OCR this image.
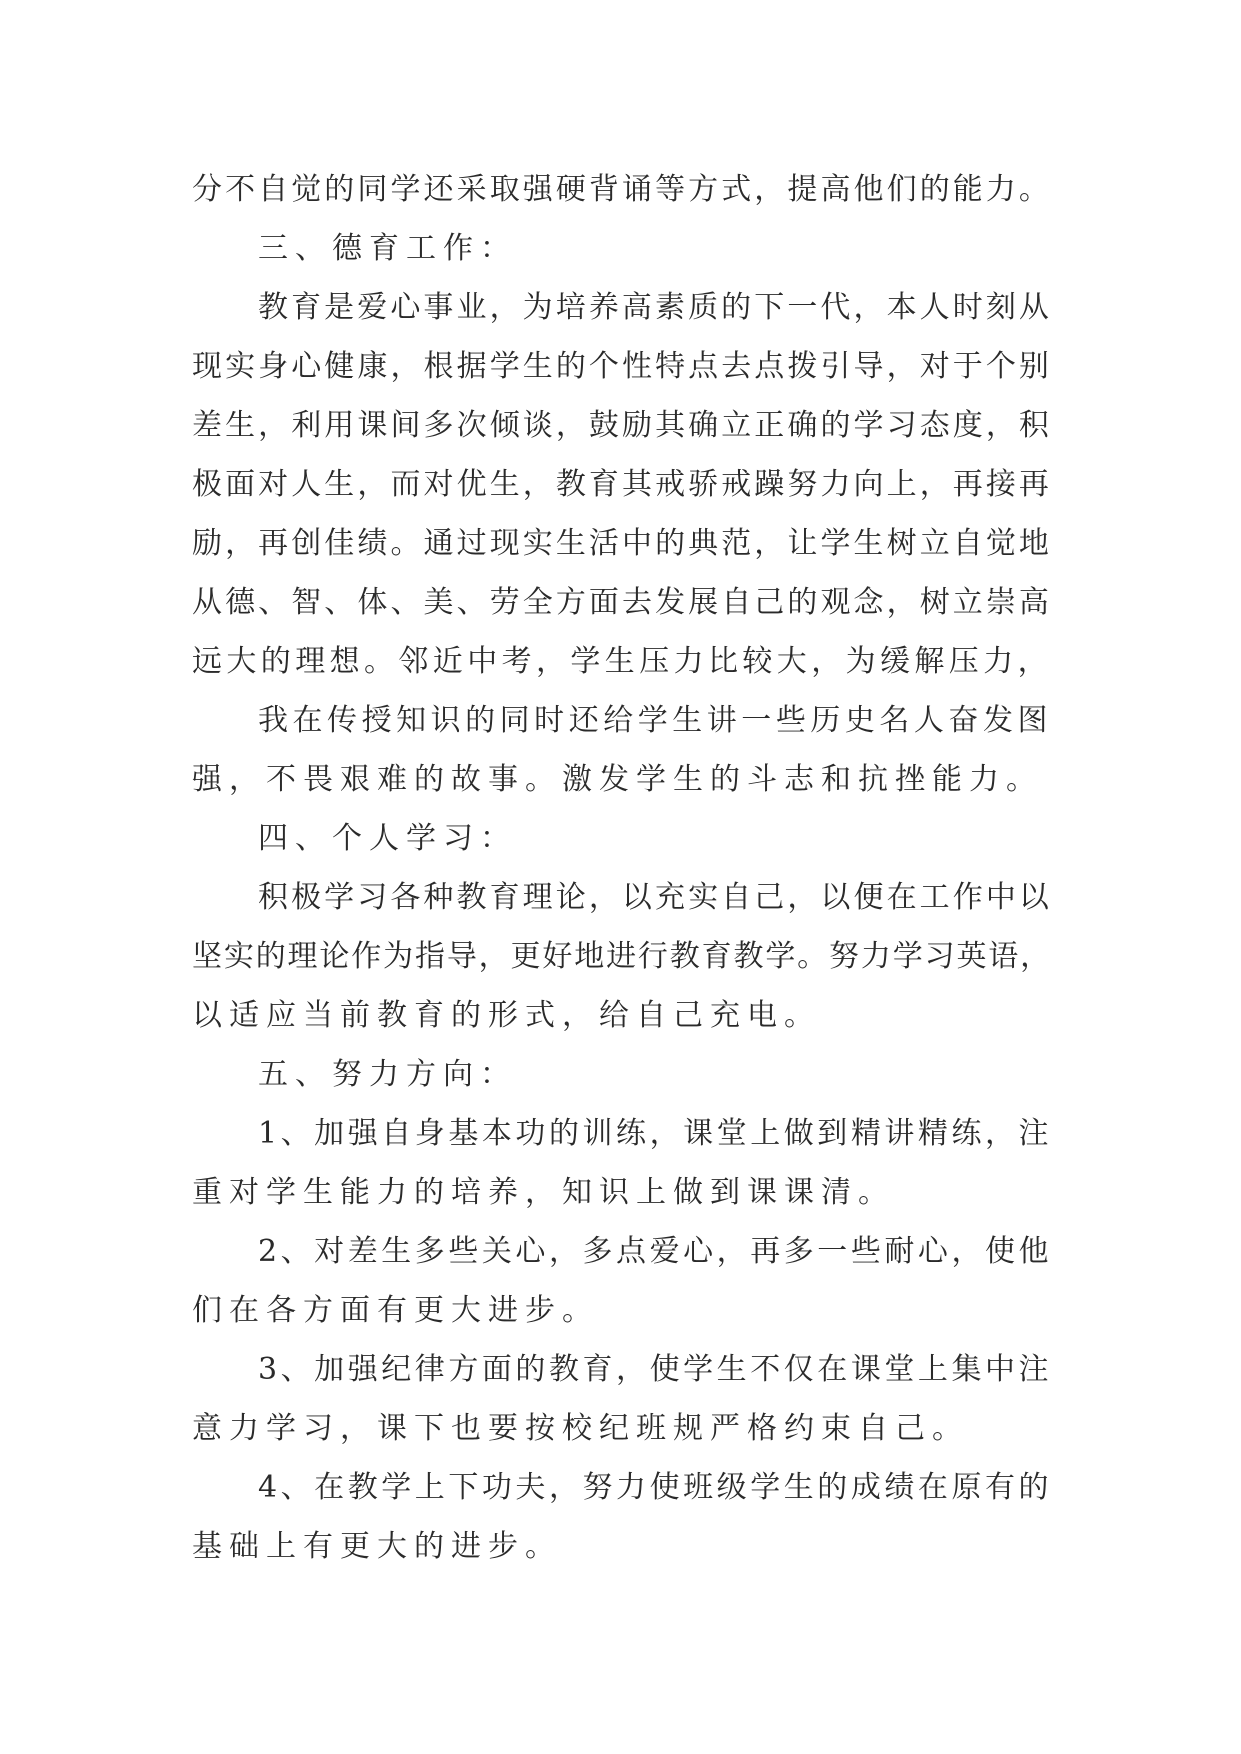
分不自觉的同学还采取强硬背诵等方式，提高他们的能力。
三、德育工作：
教育是爱心事业，为培养高素质的下一代，本人时刻从
现实身心健康，根据学生的个性特点去点拨引导，对于个别
差生，利用课间多次倾谈，鼓励其确立正确的学习态度，积
极面对人生，而对优生，教育其戒骄戒躁努力向上，再接再
励，再创佳绩。通过现实生活中的典范，让学生树立自觉地
从德、智、体、美、劳全方面去发展自己的观念，树立崇高
远大的理想。邻近中考，学生压力比较大，为缓解压力，
我在传授知识的同时还给学生讲一些历史名人奋发图
强，不畏艰难的故事。激发学生的斗志和抗挫能力。
四、个人学习：
积极学习各种教育理论，以充实自己，以便在工作中以
坚实的理论作为指导，更好地进行教育教学。努力学习英语，
以适应当前教育的形式，给自己充电。
五、努力方向：
1、加强自身基本功的训练，课堂上做到精讲精练，注
重对学生能力的培养，知识上做到课课清。
2、对差生多些关心，多点爱心，再多一些耐心，使他
们在各方面有更大进步。
3、加强纪律方面的教育，使学生不仅在课堂上集中注
意力学习，课下也要按校纪班规严格约束自己。
4、在教学上下功夫，努力使班级学生的成绩在原有的
基础上有更大的进步。
